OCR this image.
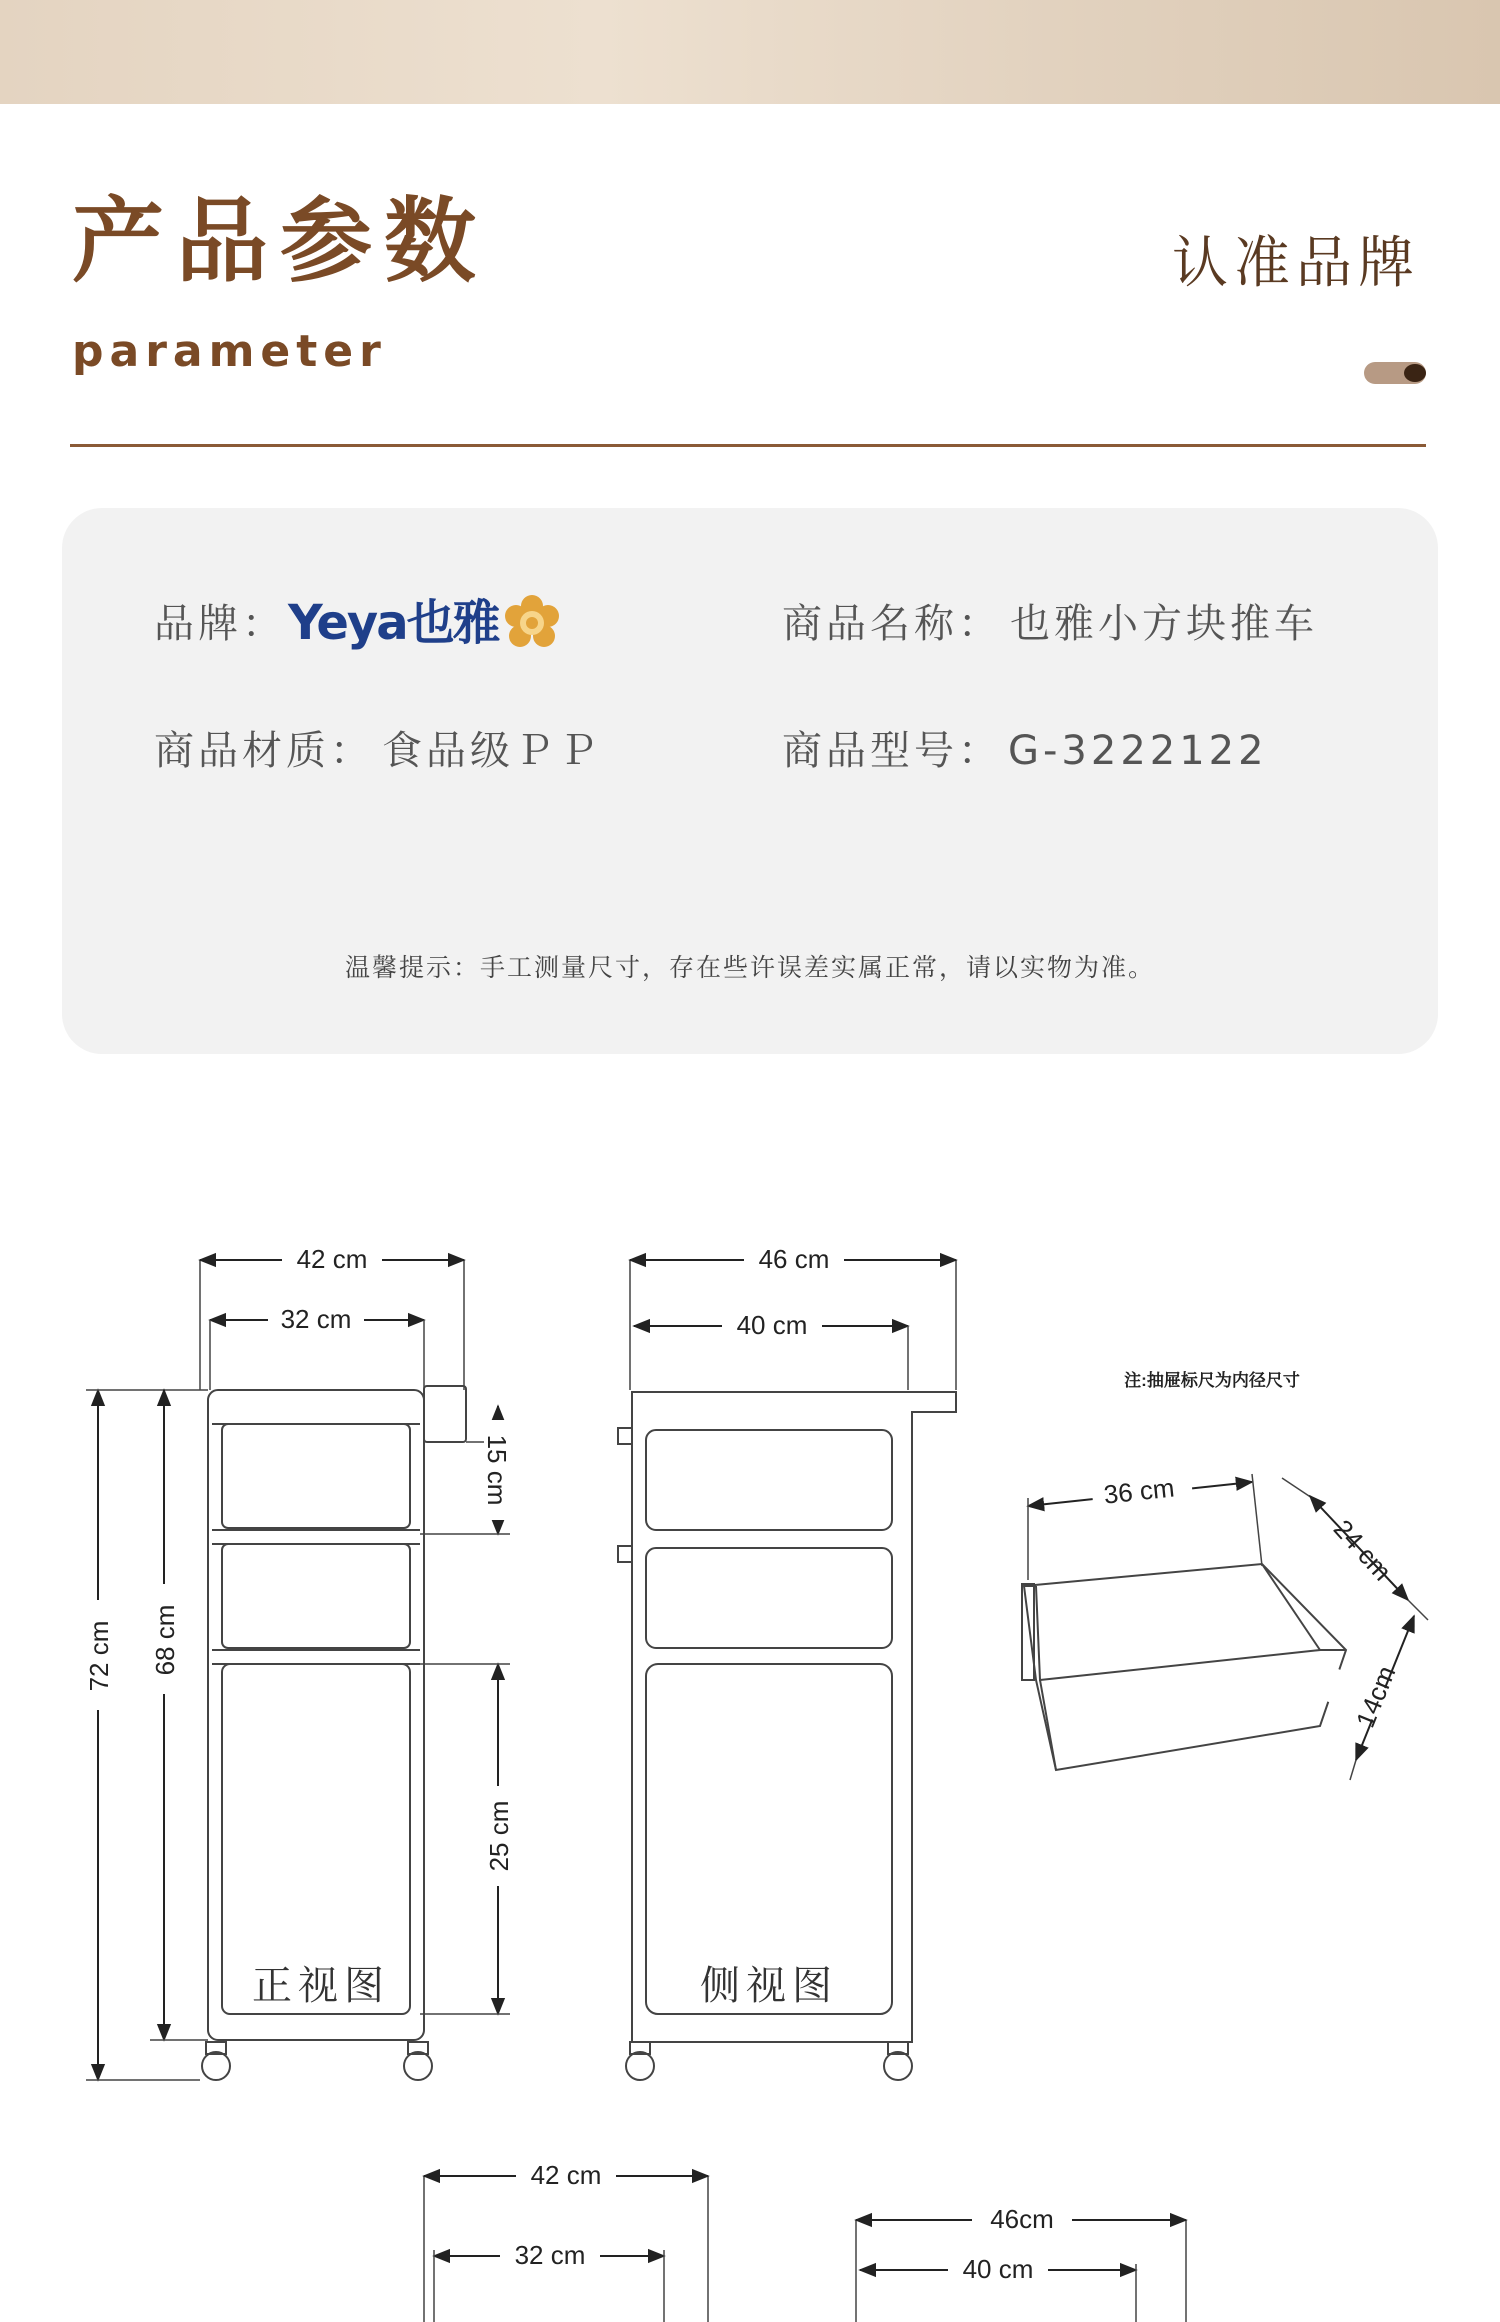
产品参数
parameter
认准品牌
品牌： Yeya也雅	商品名称： 也雅小方块推车
商品材质： 食品级ＰＰ	商品型号： G-3222122
温馨提示：手工测量尺寸，存在些许误差实属正常，请以实物为准。
42 cm
32 cm
72 cm 68 cm
15 cm
25 cm
46 cm
40 cm
注:抽屉标尺为内径尺寸
36 cm
24 cm
14cm
42 cm
32 cm
46cm
40 cm
正视图	侧视图
